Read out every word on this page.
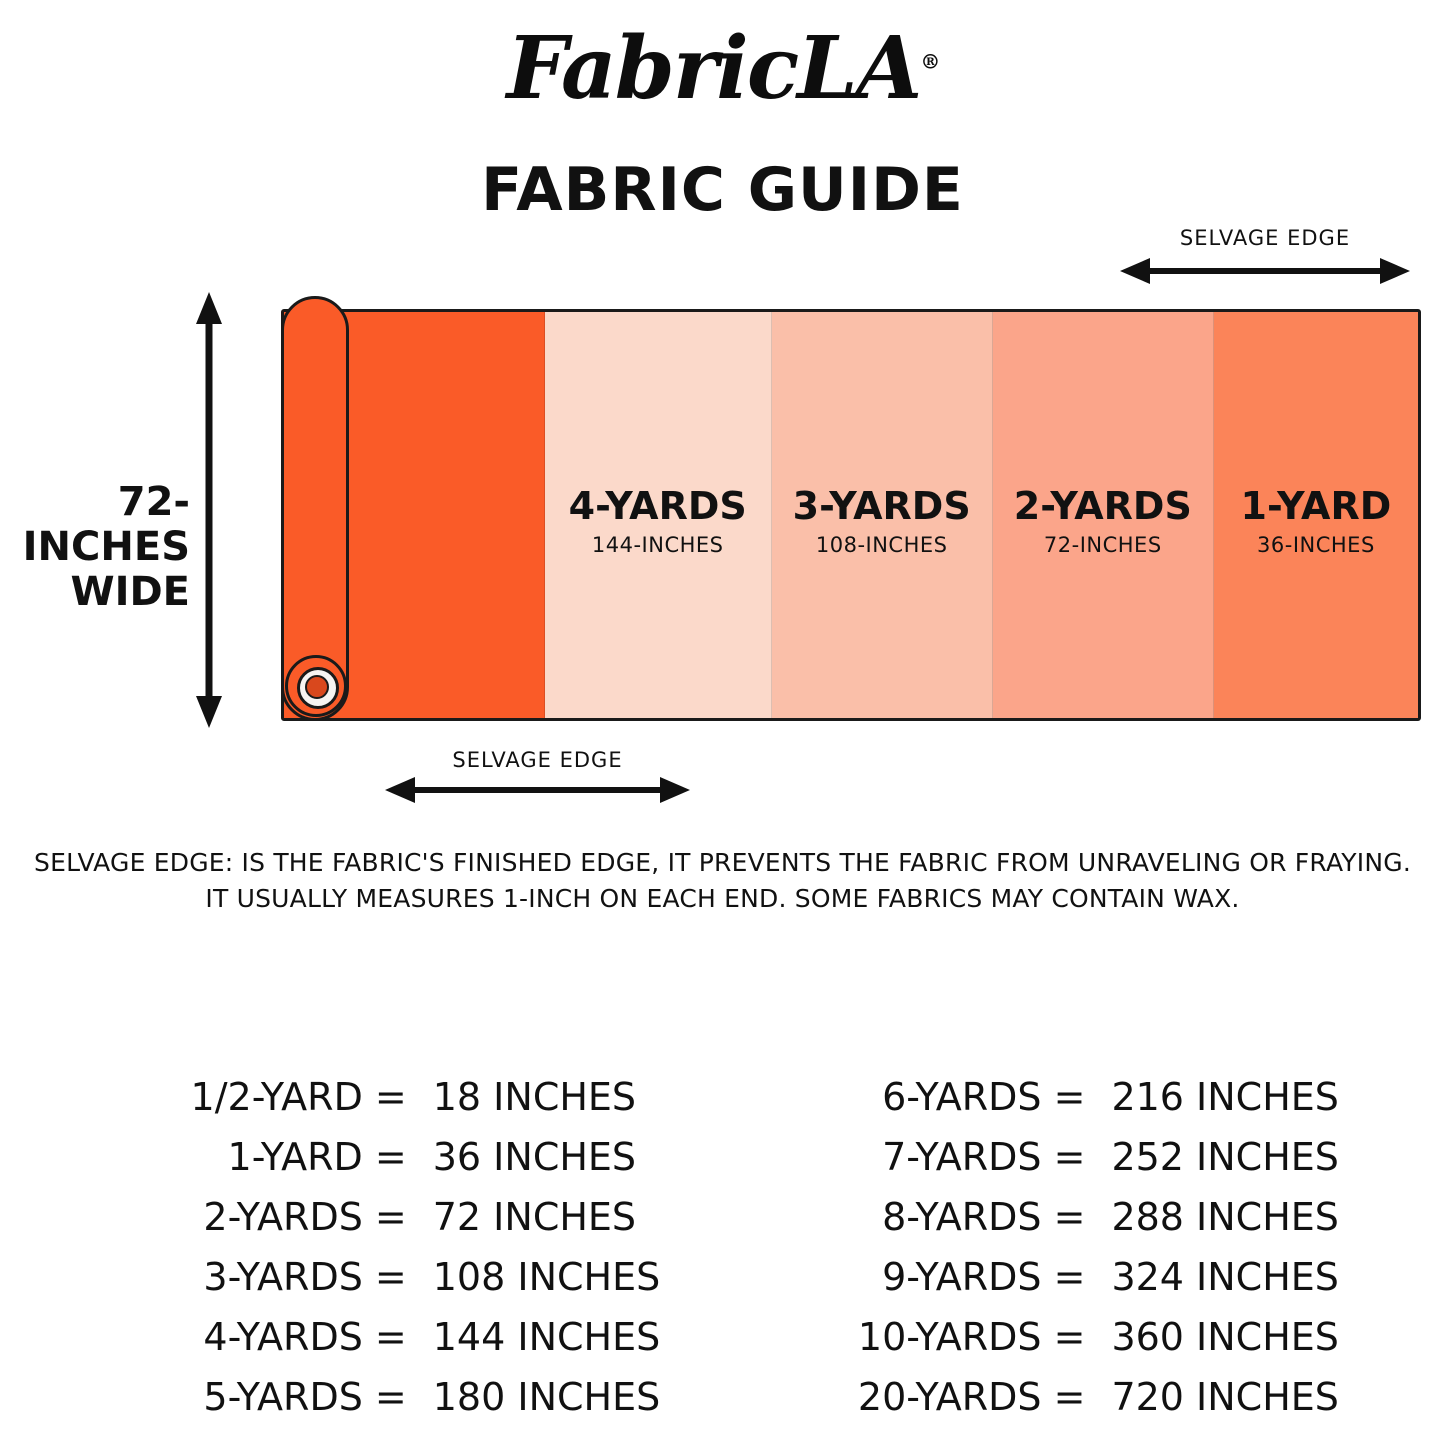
FabricLA®
FABRIC GUIDE
72-INCHES
WIDE
SELVAGE EDGE
4-YARDS
144-INCHES
3-YARDS
108-INCHES
2-YARDS
72-INCHES
1-YARD
36-INCHES
SELVAGE EDGE
SELVAGE EDGE: IS THE FABRIC'S FINISHED EDGE, IT PREVENTS THE FABRIC FROM UNRAVELING OR FRAYING.
IT USUALLY MEASURES 1-INCH ON EACH END. SOME FABRICS MAY CONTAIN WAX.
1/2-YARD = 18 INCHES
1-YARD = 36 INCHES
2-YARDS = 72 INCHES
3-YARDS = 108 INCHES
4-YARDS = 144 INCHES
5-YARDS = 180 INCHES
6-YARDS = 216 INCHES
7-YARDS = 252 INCHES
8-YARDS = 288 INCHES
9-YARDS = 324 INCHES
10-YARDS = 360 INCHES
20-YARDS = 720 INCHES
